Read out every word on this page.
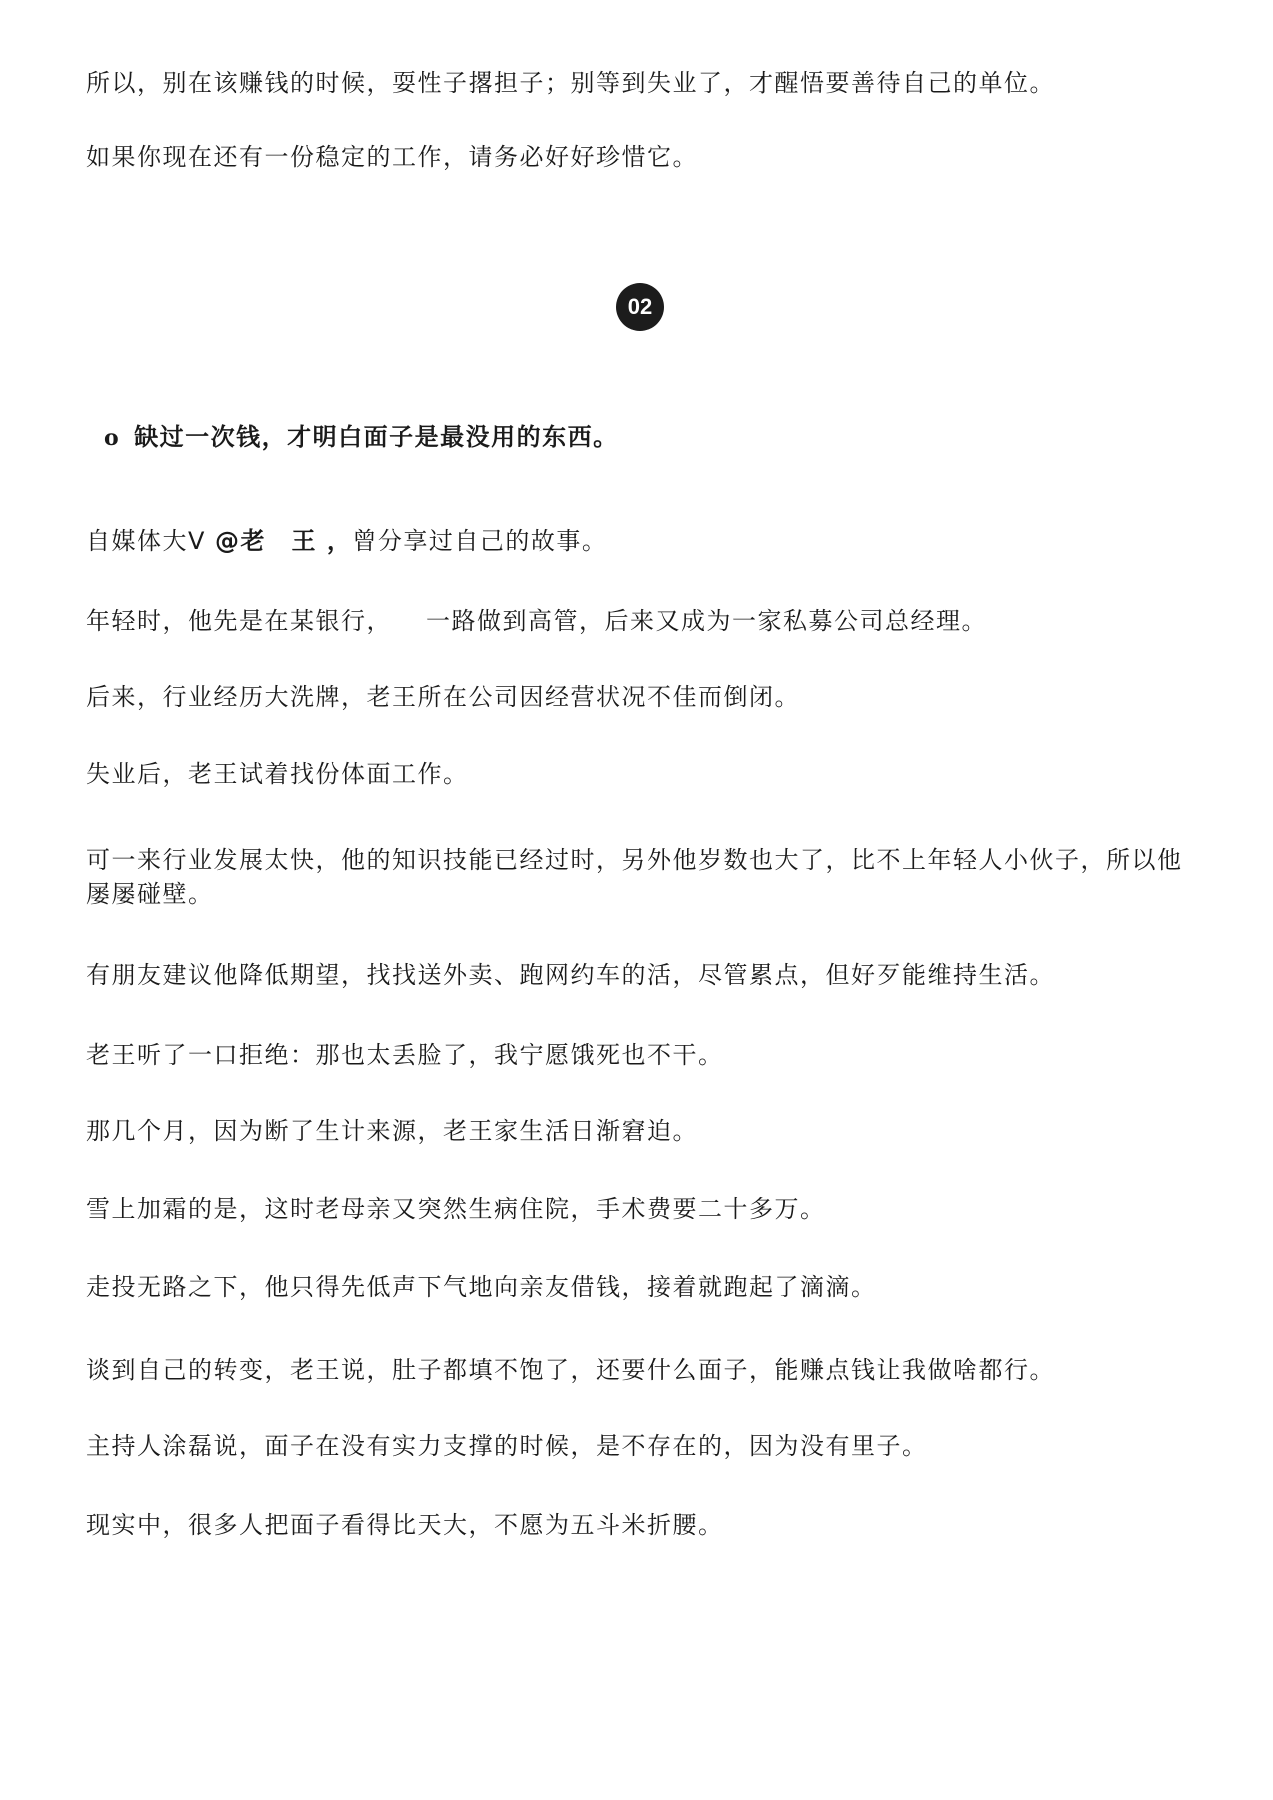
所以，别在该赚钱的时候，耍性子撂担子；别等到失业了，才醒悟要善待自己的单位。

如果你现在还有一份稳定的工作，请务必好好珍惜它。

02
o 缺过一次钱，才明白面子是最没用的东西。

自媒体大V @老　王 ，曾分享过自己的故事。

年轻时，他先是在某银行， 一路做到高管，后来又成为一家私募公司总经理。

后来，行业经历大洗牌，老王所在公司因经营状况不佳而倒闭。

失业后，老王试着找份体面工作。

可一来行业发展太快，他的知识技能已经过时，另外他岁数也大了，比不上年轻人小伙子，所以他屡屡碰壁。

有朋友建议他降低期望，找找送外卖、跑网约车的活，尽管累点，但好歹能维持生活。

老王听了一口拒绝：那也太丢脸了，我宁愿饿死也不干。

那几个月，因为断了生计来源，老王家生活日渐窘迫。

雪上加霜的是，这时老母亲又突然生病住院，手术费要二十多万。

走投无路之下，他只得先低声下气地向亲友借钱，接着就跑起了滴滴。

谈到自己的转变，老王说，肚子都填不饱了，还要什么面子，能赚点钱让我做啥都行。

主持人涂磊说，面子在没有实力支撑的时候，是不存在的，因为没有里子。

现实中，很多人把面子看得比天大，不愿为五斗米折腰。
